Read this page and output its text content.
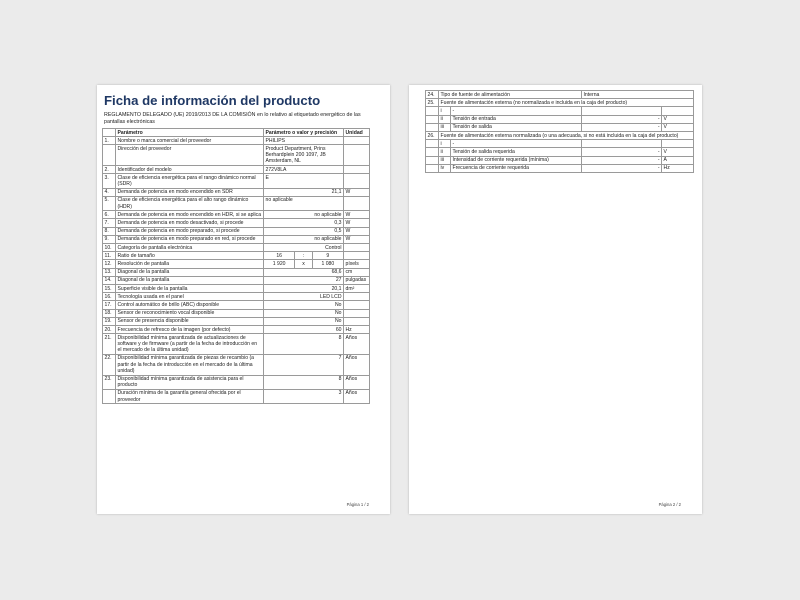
Ficha de información del producto
REGLAMENTO DELEGADO (UE) 2019/2013 DE LA COMISIÓN en lo relativo al etiquetado energético de las pantallas electrónicas
	Parámetro	Parámetro o valor y precisión	Unidad
1.	Nombre o marca comercial del proveedor	PHILIPS	
	Dirección del proveedor	Product Department, Prins Berhardplein 200 1097, JB Amsterdam, NL	
2.	Identificador del modelo	272V8LA	
3.	Clase de eficiencia energética para el rango dinámico normal (SDR)	E	
4.	Demanda de potencia en modo encendido en SDR	21,1	W
5.	Clase de eficiencia energética para el alto rango dinámico (HDR)	no aplicable	
6.	Demanda de potencia en modo encendido en HDR, si se aplica	no aplicable	W
7.	Demanda de potencia en modo desactivado, si procede	0,3	W
8.	Demanda de potencia en modo preparado, si procede	0,5	W
9.	Demanda de potencia en modo preparado en red, si procede	no aplicable	W
10.	Categoría de pantalla electrónica	Control	
11.	Ratio de tamaño		16	:	9

12.	Resolución de pantalla		1 920	x	1 080
	píxels
13.	Diagonal de la pantalla	68,6	cm
14.	Diagonal de la pantalla	27	pulgadas
15.	Superficie visible de la pantalla	20,1	dm²
16.	Tecnología usada en el panel	LED LCD	
17.	Control automático de brillo (ABC) disponible	No	
18.	Sensor de reconocimiento vocal disponible	No	
19.	Sensor de presencia disponible	No	
20.	Frecuencia de refresco de la imagen (por defecto)	60	Hz
21.	Disponibilidad mínima garantizada de actualizaciones de software y de firmware (a partir de la fecha de introducción en el mercado de la última unidad)	8	Años
22.	Disponibilidad mínima garantizada de piezas de recambio (a partir de la fecha de introducción en el mercado de la última unidad)	7	Años
23.	Disponibilidad mínima garantizada de asistencia para el producto	8	Años
	Duración mínima de la garantía general ofrecida por el proveedor	3	Años
Página 1 / 2
24.	Tipo de fuente de alimentación		Interna	
25.	Fuente de alimentación externa (no normalizada e incluida en la caja del producto)			
	i	-		
	ii	Tensión de entrada	-	V
	iii	Tensión de salida	-	V
26.	Fuente de alimentación externa normalizada (o una adecuada, si no está incluida en la caja del producto)			
	i	-		
	ii	Tensión de salida requerida	-	V
	iii	Intensidad de corriente requerida (mínima)	-	A
	iv	Frecuencia de corriente requerida	-	Hz
Página 2 / 2
